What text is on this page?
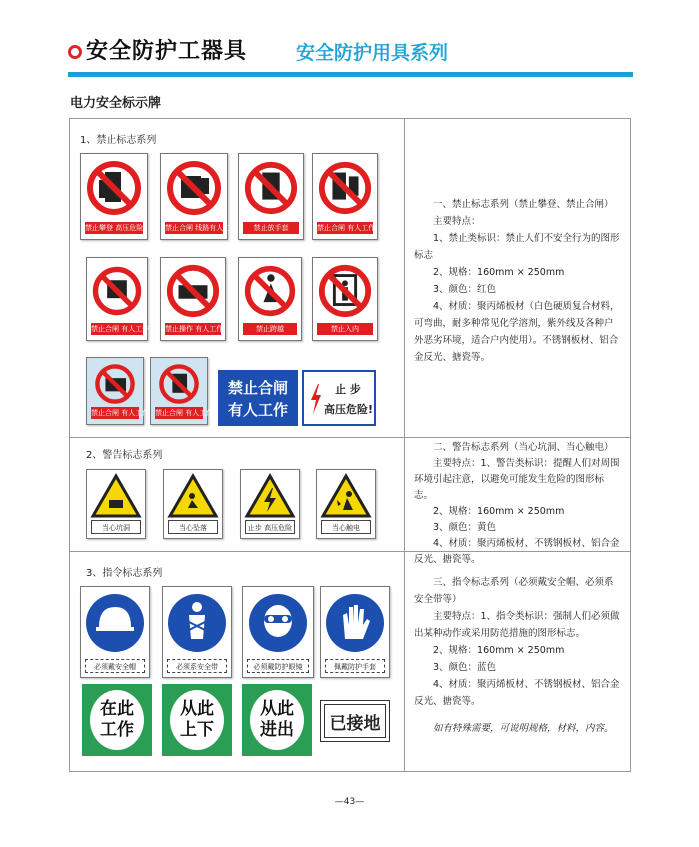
安全防护工器具	安全防护用具系列
电力安全标示牌
1、禁止标志系列
禁止攀登 高压危险	禁止合闸 线路有人工作	禁止放手套	禁止合闸 有人工作
禁止合闸 有人工作 禁止操作 有人工作	禁止跨越	禁止入内
禁止合闸 有人工作 禁止合闸 有人工作
禁止合闸
有人工作
止 步
高压危险!

一、禁止标志系列（禁止攀登、禁止合闸）

主要特点：

1、禁止类标识：禁止人们不安全行为的图形标志

2、规格：160mm × 250mm

3、颜色：红色

4、材质：聚丙烯板材（白色硬质复合材料，可弯曲，耐多种常见化学溶剂，紫外线及各种户外恶劣环境，适合户内使用）。不锈钢板材、铝合金反光、搪瓷等。

2、警告标志系列
当心坑洞	当心坠落	止步 高压危险	当心触电

二、警告标志系列（当心坑洞、当心触电）

主要特点：1、警告类标识：提醒人们对周围环境引起注意，以避免可能发生危险的图形标志。

2、规格：160mm × 250mm

3、颜色：黄色

4、材质：聚丙烯板材、不锈钢板材、铝合金反光、搪瓷等。

3、指令标志系列
必须戴安全帽	必须系安全带	必须戴防护眼镜	佩戴防护手套
在此
工作
从此
上下
从此
进出	已接地

三、指令标志系列（必须戴安全帽、必须系安全带等）

主要特点：1、指令类标识：强制人们必须做出某种动作或采用防范措施的图形标志。

2、规格：160mm × 250mm

3、颜色：蓝色

4、材质：聚丙烯板材、不锈钢板材、铝合金反光、搪瓷等。

如有特殊需要，可说明规格，材料，内容。

—43—
